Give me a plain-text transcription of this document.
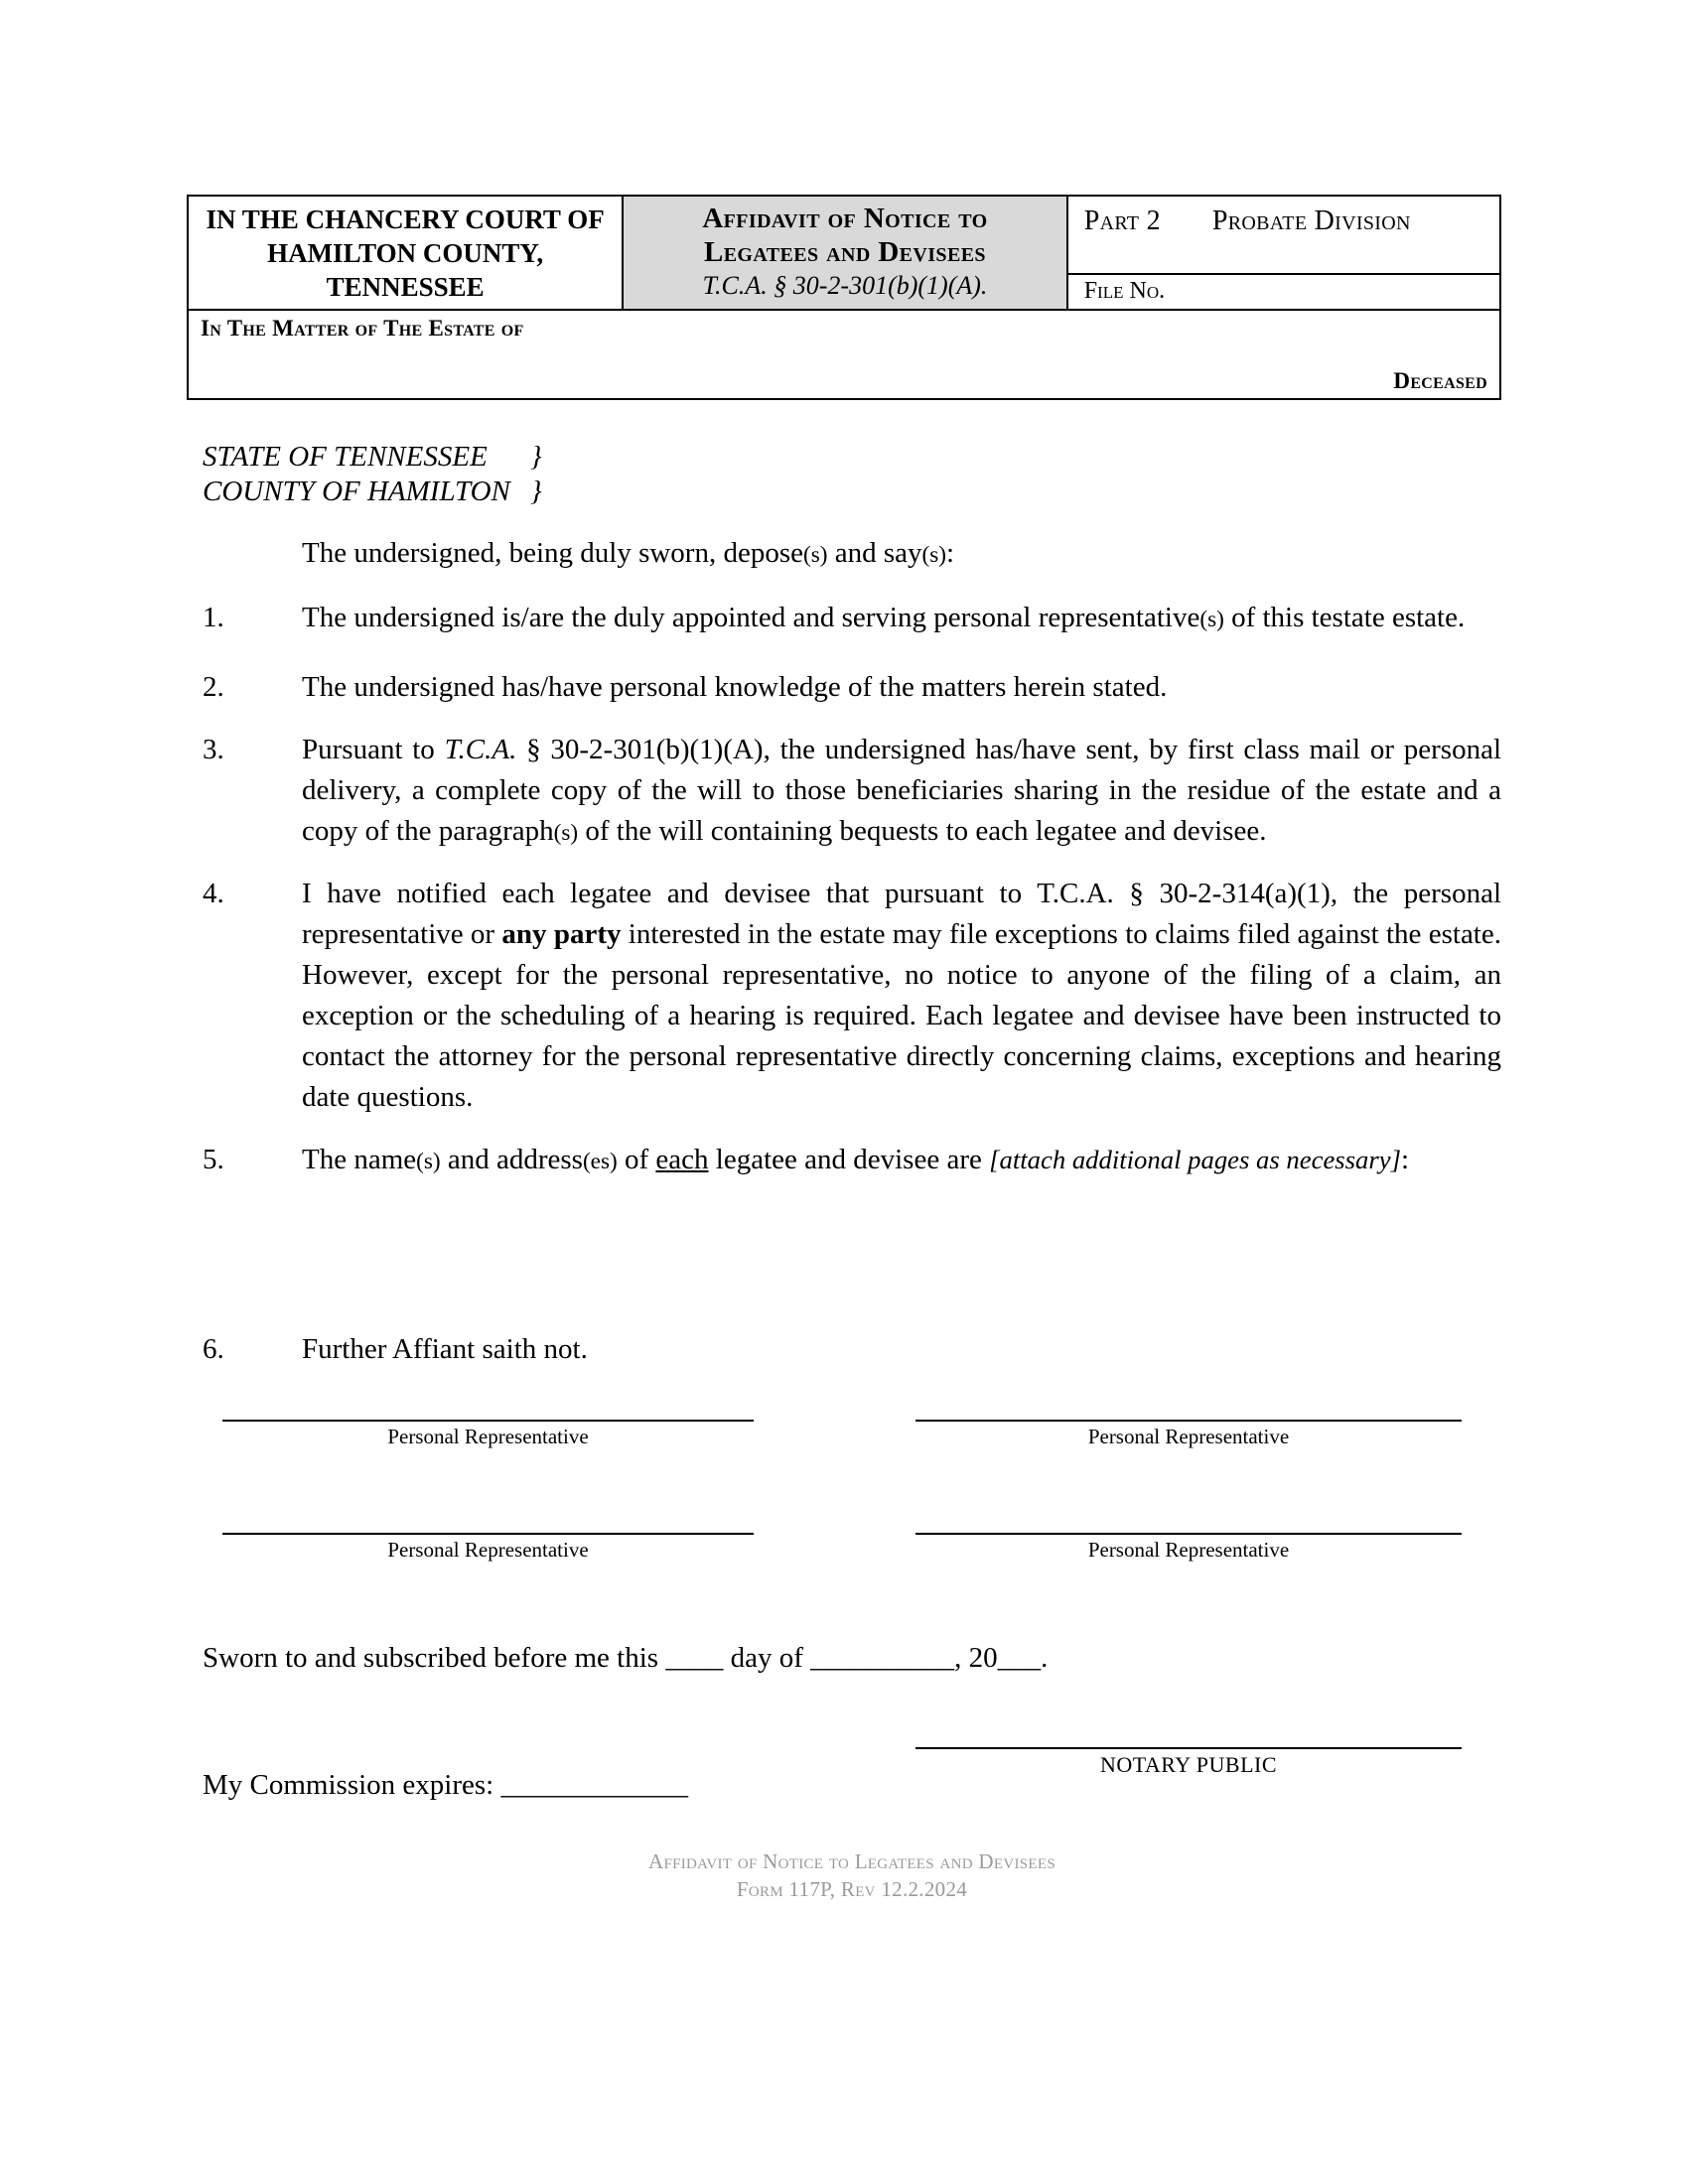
IN THE CHANCERY COURT OF
HAMILTON COUNTY,
TENNESSEE
Affidavit of Notice to
Legatees and Devisees
T.C.A. § 30-2-301(b)(1)(A).
Part 2 Probate Division
File No.
In The Matter of The Estate of
Deceased
STATE OF TENNESSEE	}
COUNTY OF HAMILTON }
The undersigned, being duly sworn, depose(s) and say(s):
1.	The undersigned is/are the duly appointed and serving personal representative(s) of this testate estate.
2.	The undersigned has/have personal knowledge of the matters herein stated.
3.	Pursuant to T.C.A. § 30-2-301(b)(1)(A), the undersigned has/have sent, by first class mail or personal delivery, a complete copy of the will to those beneficiaries sharing in the residue of the estate and a copy of the paragraph(s) of the will containing bequests to each legatee and devisee.
4.	I have notified each legatee and devisee that pursuant to T.C.A. § 30-2-314(a)(1), the personal representative or any party interested in the estate may file exceptions to claims filed against the estate. However, except for the personal representative, no notice to anyone of the filing of a claim, an exception or the scheduling of a hearing is required. Each legatee and devisee have been instructed to contact the attorney for the personal representative directly concerning claims, exceptions and hearing date questions.
5.	The name(s) and address(es) of each legatee and devisee are [attach additional pages as necessary]:
6.	Further Affiant saith not.
Personal Representative	Personal Representative
Personal Representative	Personal Representative
Sworn to and subscribed before me this ____ day of __________, 20___.
My Commission expires: _____________
NOTARY PUBLIC
Affidavit of Notice to Legatees and Devisees
Form 117P, Rev 12.2.2024
